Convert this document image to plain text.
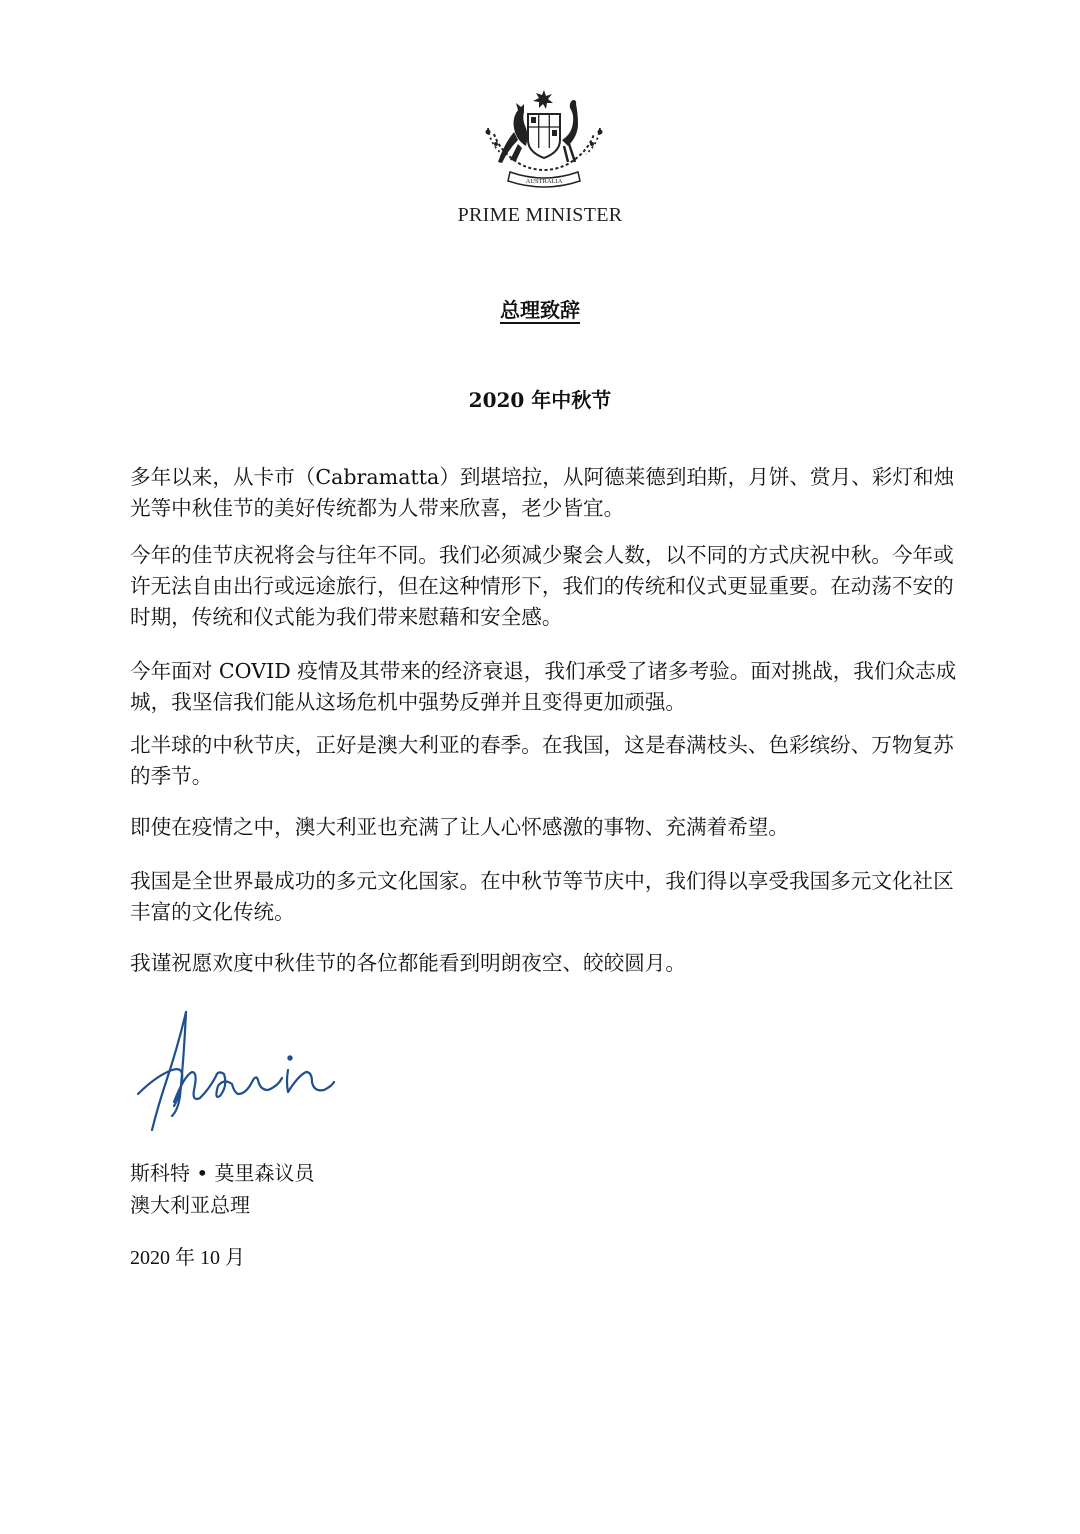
AUSTRALIA
PRIME MINISTER
总理致辞
2020 年中秋节

多年以来，从卡市（Cabramatta）到堪培拉，从阿德莱德到珀斯，月饼、赏月、彩灯和烛光等中秋佳节的美好传统都为人带来欣喜，老少皆宜。

今年的佳节庆祝将会与往年不同。我们必须减少聚会人数，以不同的方式庆祝中秋。今年或许无法自由出行或远途旅行，但在这种情形下，我们的传统和仪式更显重要。在动荡不安的时期，传统和仪式能为我们带来慰藉和安全感。

今年面对 COVID 疫情及其带来的经济衰退，我们承受了诸多考验。面对挑战，我们众志成城，我坚信我们能从这场危机中强势反弹并且变得更加顽强。

北半球的中秋节庆，正好是澳大利亚的春季。在我国，这是春满枝头、色彩缤纷、万物复苏的季节。

即使在疫情之中，澳大利亚也充满了让人心怀感激的事物、充满着希望。

我国是全世界最成功的多元文化国家。在中秋节等节庆中，我们得以享受我国多元文化社区丰富的文化传统。

我谨祝愿欢度中秋佳节的各位都能看到明朗夜空、皎皎圆月。

斯科特 • 莫里森议员
澳大利亚总理
2020 年 10 月
